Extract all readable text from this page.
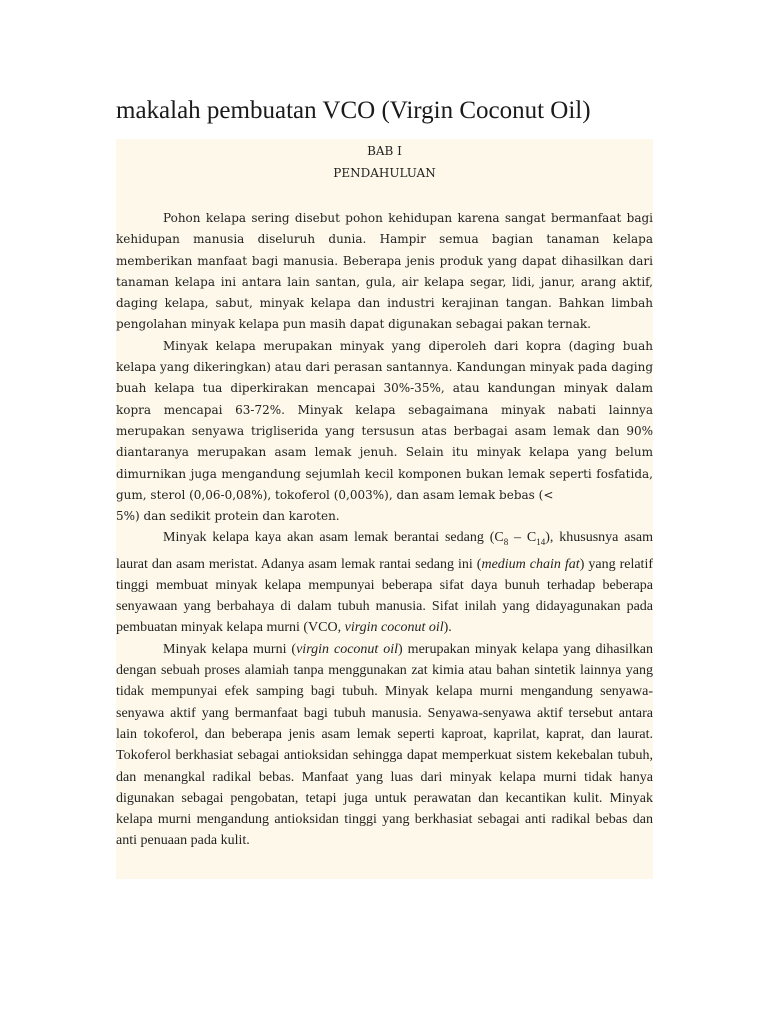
makalah pembuatan VCO (Virgin Coconut Oil)
BAB I
PENDAHULUAN

Pohon kelapa sering disebut pohon kehidupan karena sangat bermanfaat bagi kehidupan manusia diseluruh dunia. Hampir semua bagian tanaman kelapa memberikan manfaat bagi manusia. Beberapa jenis produk yang dapat dihasilkan dari tanaman kelapa ini antara lain santan, gula, air kelapa segar, lidi, janur, arang aktif, daging kelapa, sabut, minyak kelapa dan industri kerajinan tangan. Bahkan limbah pengolahan minyak kelapa pun masih dapat digunakan sebagai pakan ternak.

Minyak kelapa merupakan minyak yang diperoleh dari kopra (daging buah kelapa yang dikeringkan) atau dari perasan santannya. Kandungan minyak pada daging buah kelapa tua diperkirakan mencapai 30%-35%, atau kandungan minyak dalam kopra mencapai 63-72%. Minyak kelapa sebagaimana minyak nabati lainnya merupakan senyawa trigliserida yang tersusun atas berbagai asam lemak dan 90% diantaranya merupakan asam lemak jenuh. Selain itu minyak kelapa yang belum dimurnikan juga mengandung sejumlah kecil komponen bukan lemak seperti fosfatida, gum, sterol (0,06-0,08%), tokoferol (0,003%), dan asam lemak bebas (<

5%) dan sedikit protein dan karoten.

Minyak kelapa kaya akan asam lemak berantai sedang $(C_8 - C_{14})$, khususnya asam laurat dan asam meristat. Adanya asam lemak rantai sedang ini (medium chain fat) yang relatif tinggi membuat minyak kelapa mempunyai beberapa sifat daya bunuh terhadap beberapa senyawaan yang berbahaya di dalam tubuh manusia. Sifat inilah yang didayagunakan pada pembuatan minyak kelapa murni (VCO, virgin coconut oil).

Minyak kelapa murni (virgin coconut oil) merupakan minyak kelapa yang dihasilkan dengan sebuah proses alamiah tanpa menggunakan zat kimia atau bahan sintetik lainnya yang tidak mempunyai efek samping bagi tubuh. Minyak kelapa murni mengandung senyawa-senyawa aktif yang bermanfaat bagi tubuh manusia. Senyawa-senyawa aktif tersebut antara lain tokoferol, dan beberapa jenis asam lemak seperti kaproat, kaprilat, kaprat, dan laurat. Tokoferol berkhasiat sebagai antioksidan sehingga dapat memperkuat sistem kekebalan tubuh, dan menangkal radikal bebas. Manfaat yang luas dari minyak kelapa murni tidak hanya digunakan sebagai pengobatan, tetapi juga untuk perawatan dan kecantikan kulit. Minyak kelapa murni mengandung antioksidan tinggi yang berkhasiat sebagai anti radikal bebas dan anti penuaan pada kulit.
